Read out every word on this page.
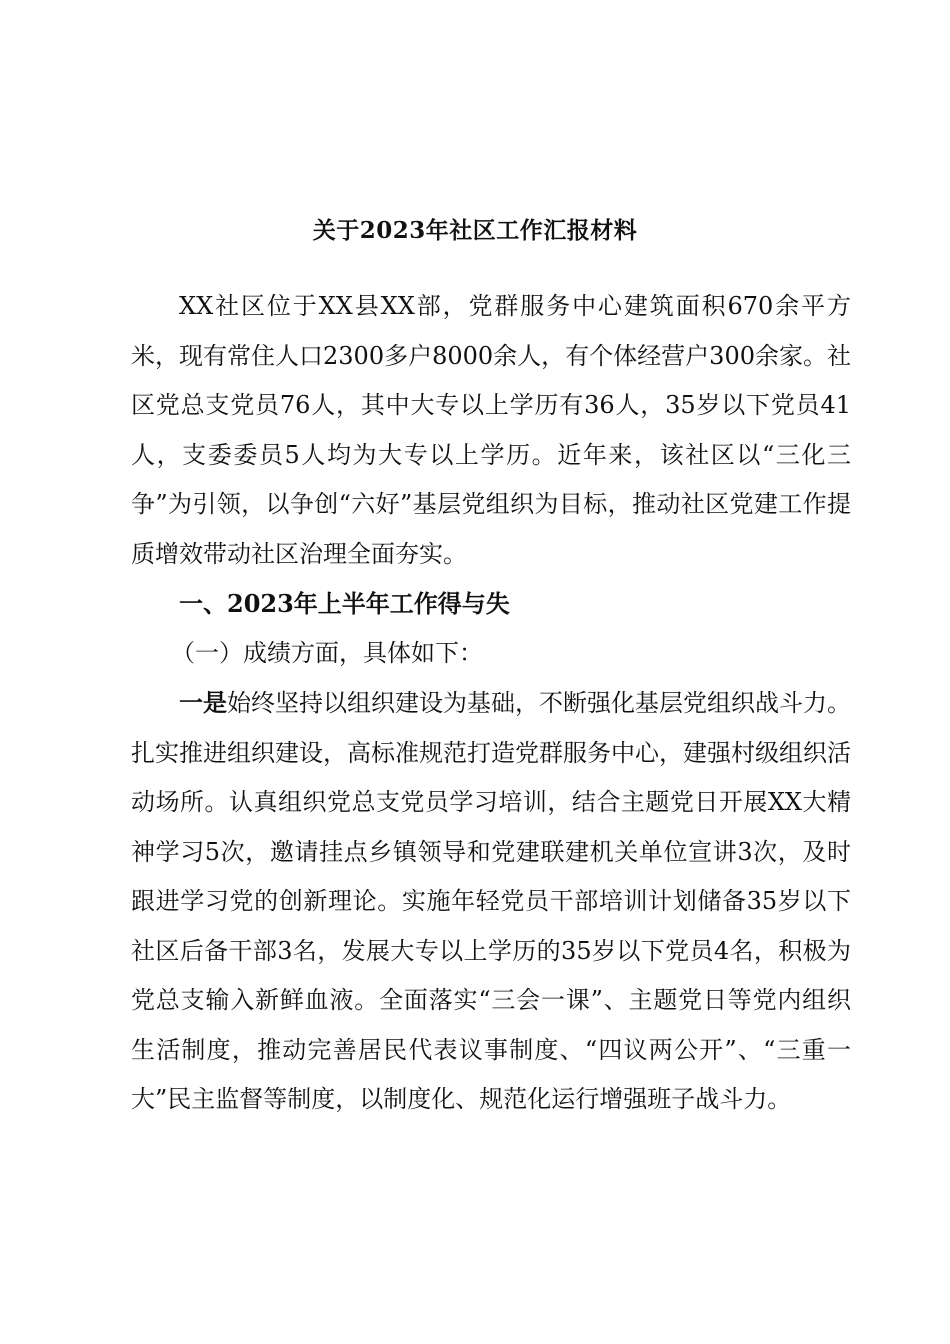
关于2023年社区工作汇报材料

XX社区位于XX县XX部，党群服务中心建筑面积670余平方米，现有常住人口2300多户8000余人，有个体经营户300余家。社区党总支党员76人，其中大专以上学历有36人，35岁以下党员41人，支委委员5人均为大专以上学历。近年来，该社区以“三化三争”为引领，以争创“六好”基层党组织为目标，推动社区党建工作提质增效带动社区治理全面夯实。

一、2023年上半年工作得与失

（一）成绩方面，具体如下：

一是始终坚持以组织建设为基础，不断强化基层党组织战斗力。扎实推进组织建设，高标准规范打造党群服务中心，建强村级组织活动场所。认真组织党总支党员学习培训，结合主题党日开展XX大精神学习5次，邀请挂点乡镇领导和党建联建机关单位宣讲3次，及时跟进学习党的创新理论。实施年轻党员干部培训计划储备35岁以下社区后备干部3名，发展大专以上学历的35岁以下党员4名，积极为党总支输入新鲜血液。全面落实“三会一课”、主题党日等党内组织生活制度，推动完善居民代表议事制度、“四议两公开”、“三重一大”民主监督等制度，以制度化、规范化运行增强班子战斗力。
